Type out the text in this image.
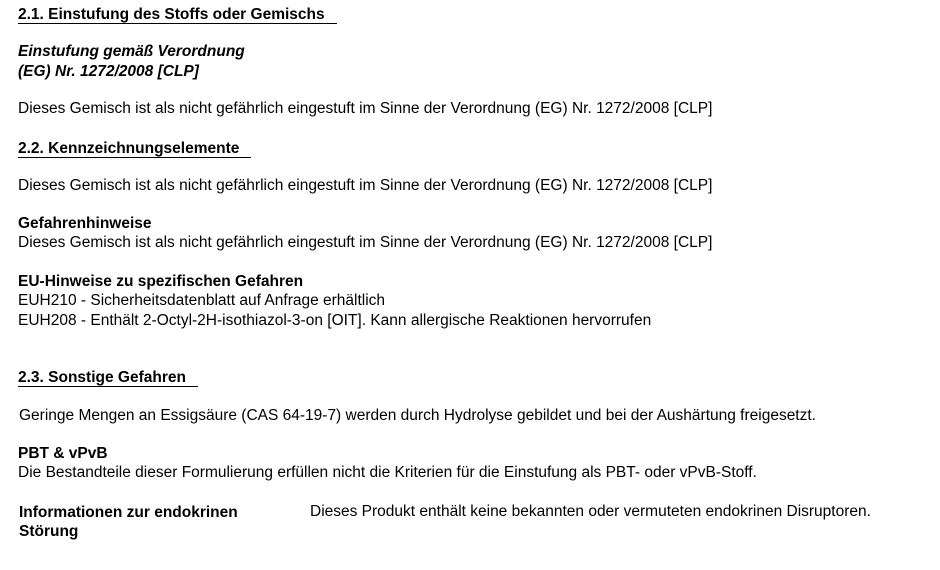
2.1. Einstufung des Stoffs oder Gemischs
Einstufung gemäß Verordnung
(EG) Nr. 1272/2008 [CLP]
Dieses Gemisch ist als nicht gefährlich eingestuft im Sinne der Verordnung (EG) Nr. 1272/2008 [CLP]
2.2. Kennzeichnungselemente
Dieses Gemisch ist als nicht gefährlich eingestuft im Sinne der Verordnung (EG) Nr. 1272/2008 [CLP]
Gefahrenhinweise
Dieses Gemisch ist als nicht gefährlich eingestuft im Sinne der Verordnung (EG) Nr. 1272/2008 [CLP]
EU-Hinweise zu spezifischen Gefahren
EUH210 - Sicherheitsdatenblatt auf Anfrage erhältlich
EUH208 - Enthält 2-Octyl-2H-isothiazol-3-on [OIT]. Kann allergische Reaktionen hervorrufen
2.3. Sonstige Gefahren
Geringe Mengen an Essigsäure (CAS 64-19-7) werden durch Hydrolyse gebildet und bei der Aushärtung freigesetzt.
PBT & vPvB
Die Bestandteile dieser Formulierung erfüllen nicht die Kriterien für die Einstufung als PBT- oder vPvB-Stoff.
Informationen zur endokrinen
Störung
Dieses Produkt enthält keine bekannten oder vermuteten endokrinen Disruptoren.
